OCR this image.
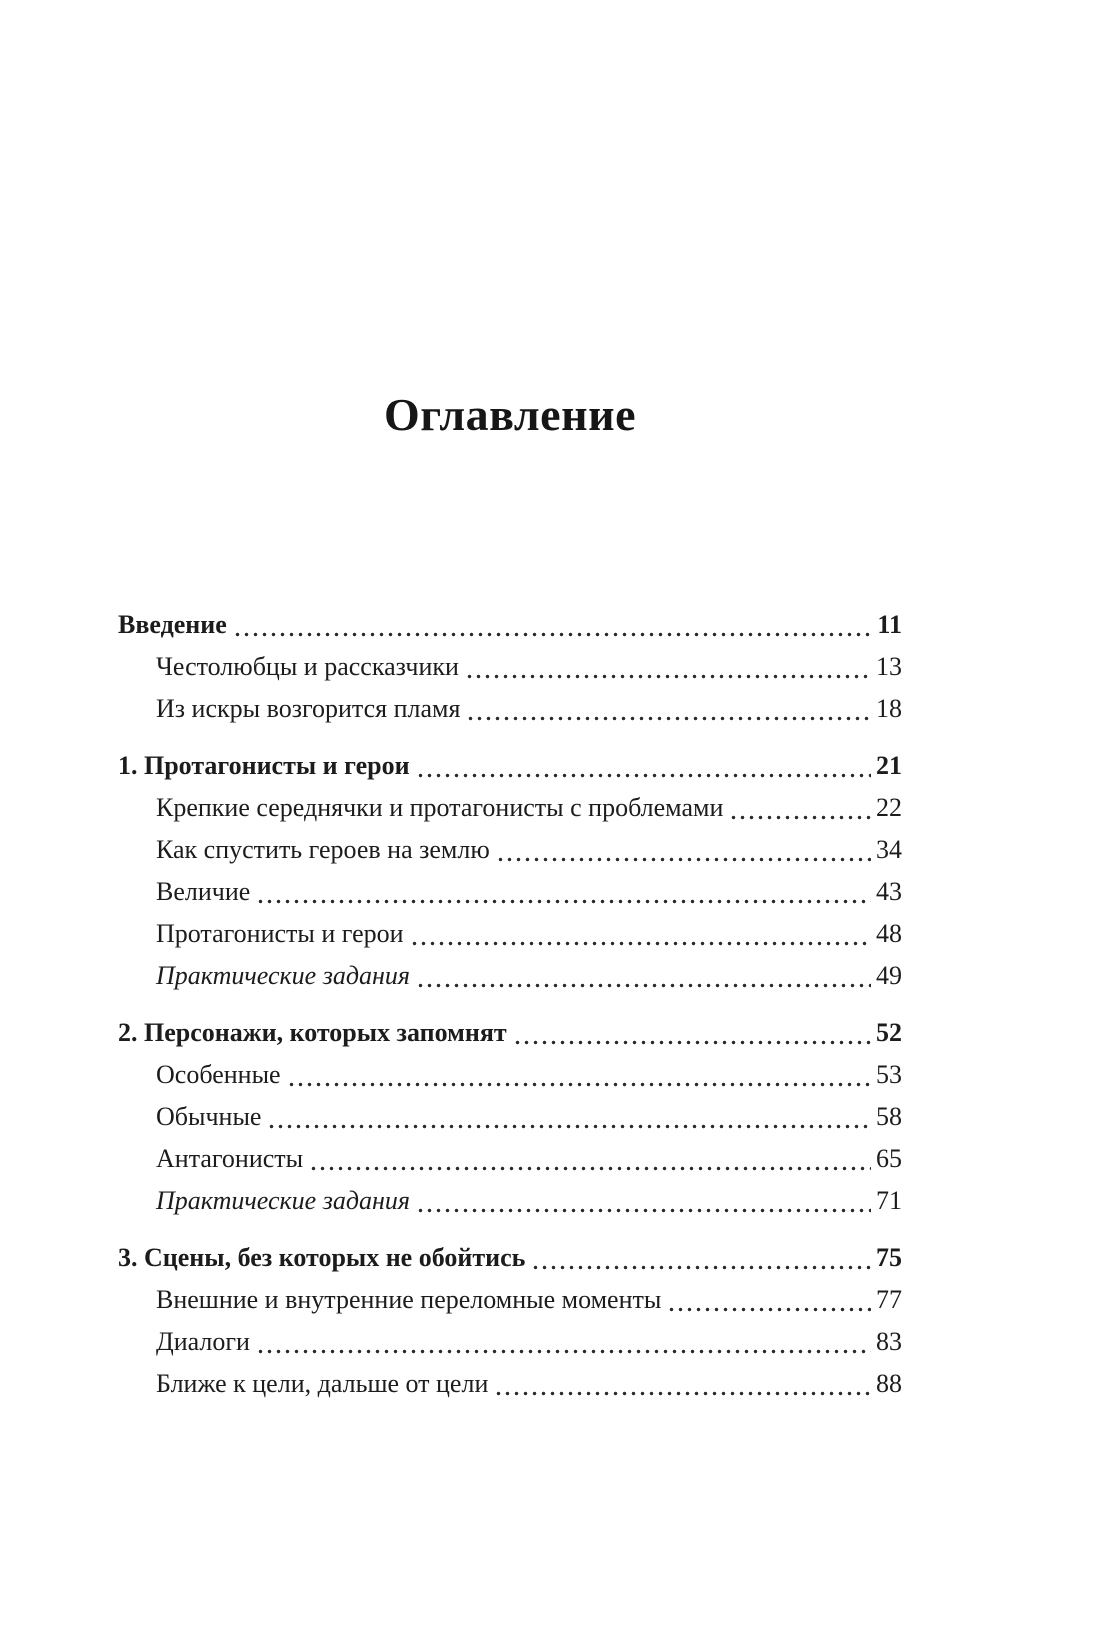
Оглавление
Введение	11
Честолюбцы и рассказчики	13
Из искры возгорится пламя	18
1. Протагонисты и герои	21
Крепкие середнячки и протагонисты с проблемами	22
Как спустить героев на землю	34
Величие	43
Протагонисты и герои	48
Практические задания	49
2. Персонажи, которых запомнят	52
Особенные	53
Обычные	58
Антагонисты	65
Практические задания	71
3. Сцены, без которых не обойтись	75
Внешние и внутренние переломные моменты	77
Диалоги	83
Ближе к цели, дальше от цели	88
